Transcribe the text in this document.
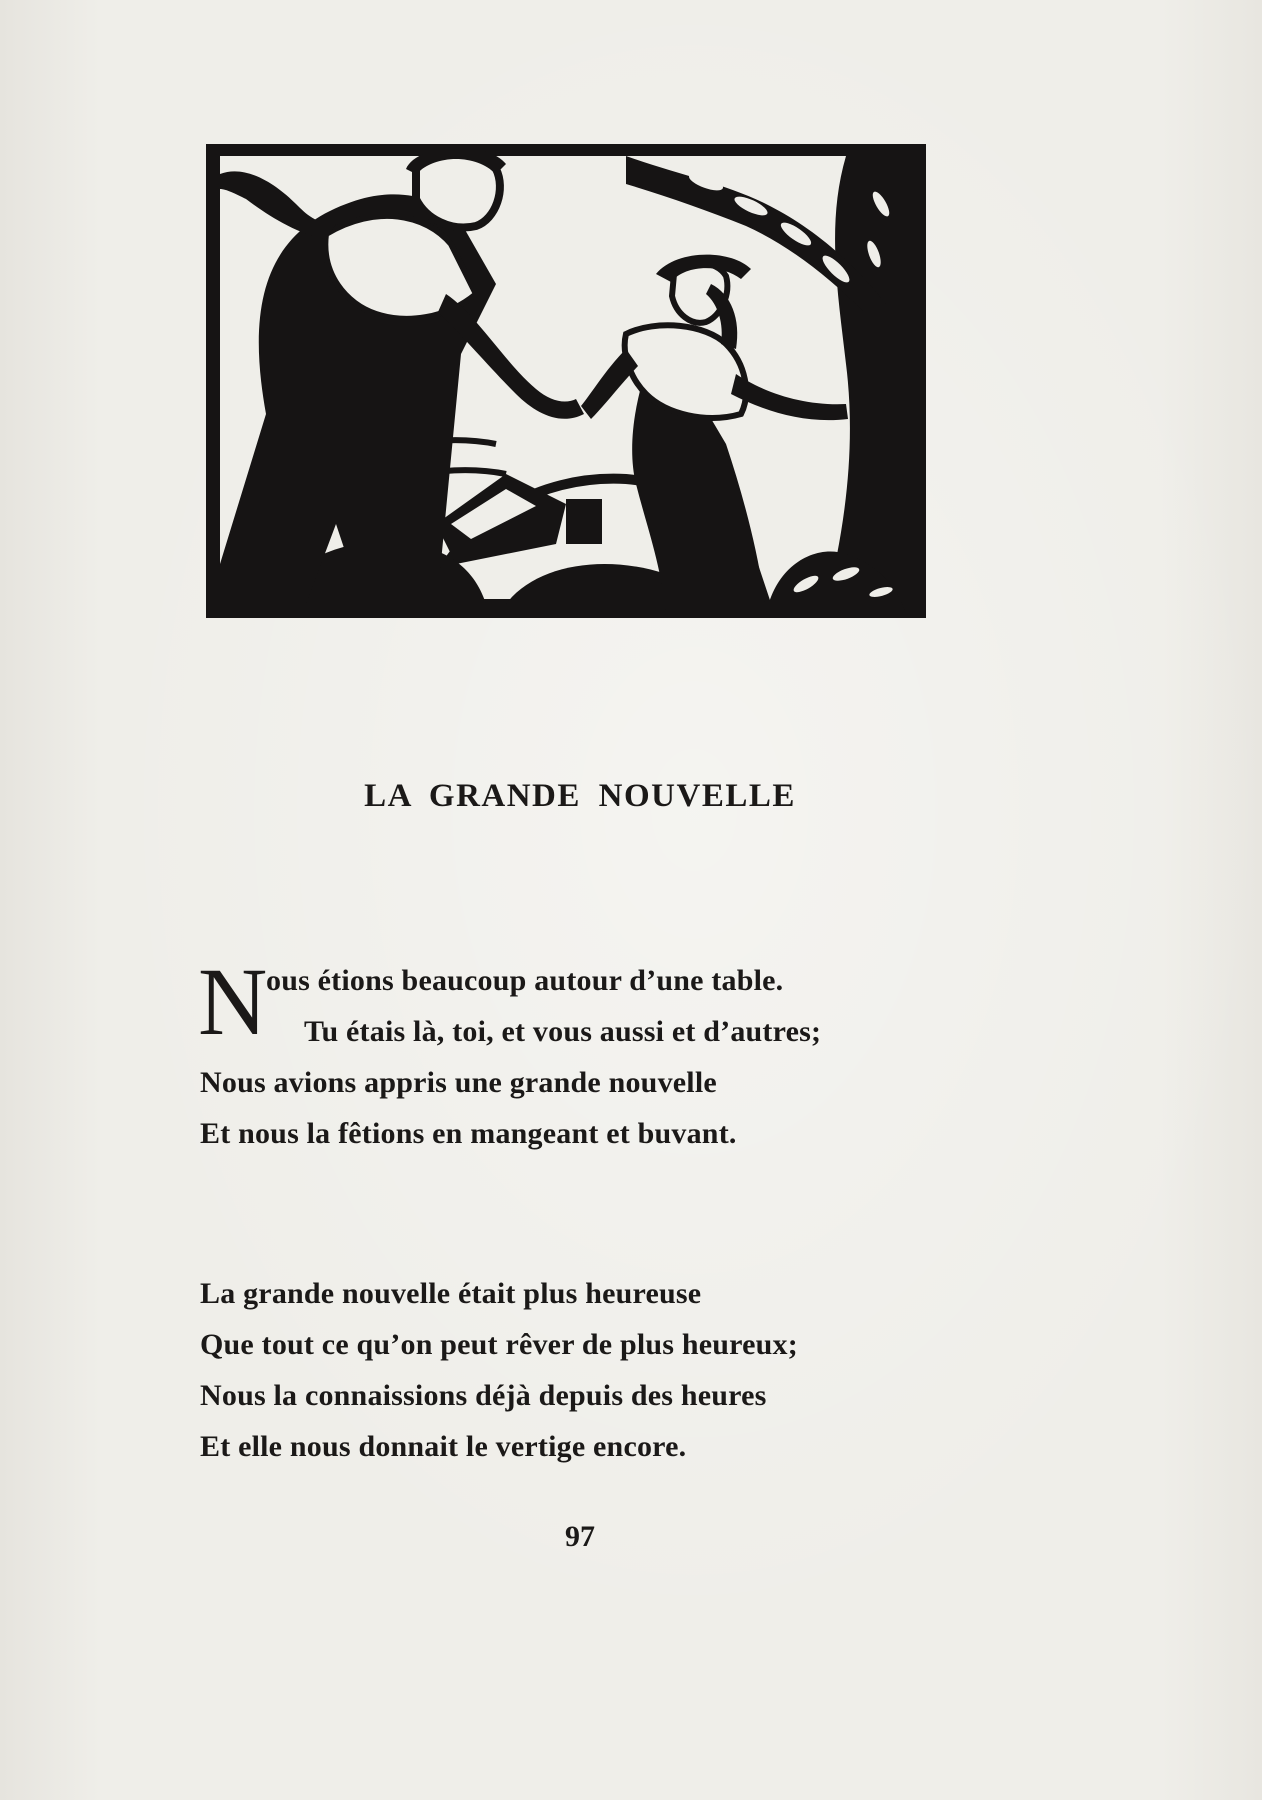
LA GRANDE NOUVELLE
N
ous étions beaucoup autour d’une table.
Tu étais là, toi, et vous aussi et d’autres;
Nous avions appris une grande nouvelle
Et nous la fêtions en mangeant et buvant.
La grande nouvelle était plus heureuse
Que tout ce qu’on peut rêver de plus heureux;
Nous la connaissions déjà depuis des heures
Et elle nous donnait le vertige encore.
97
